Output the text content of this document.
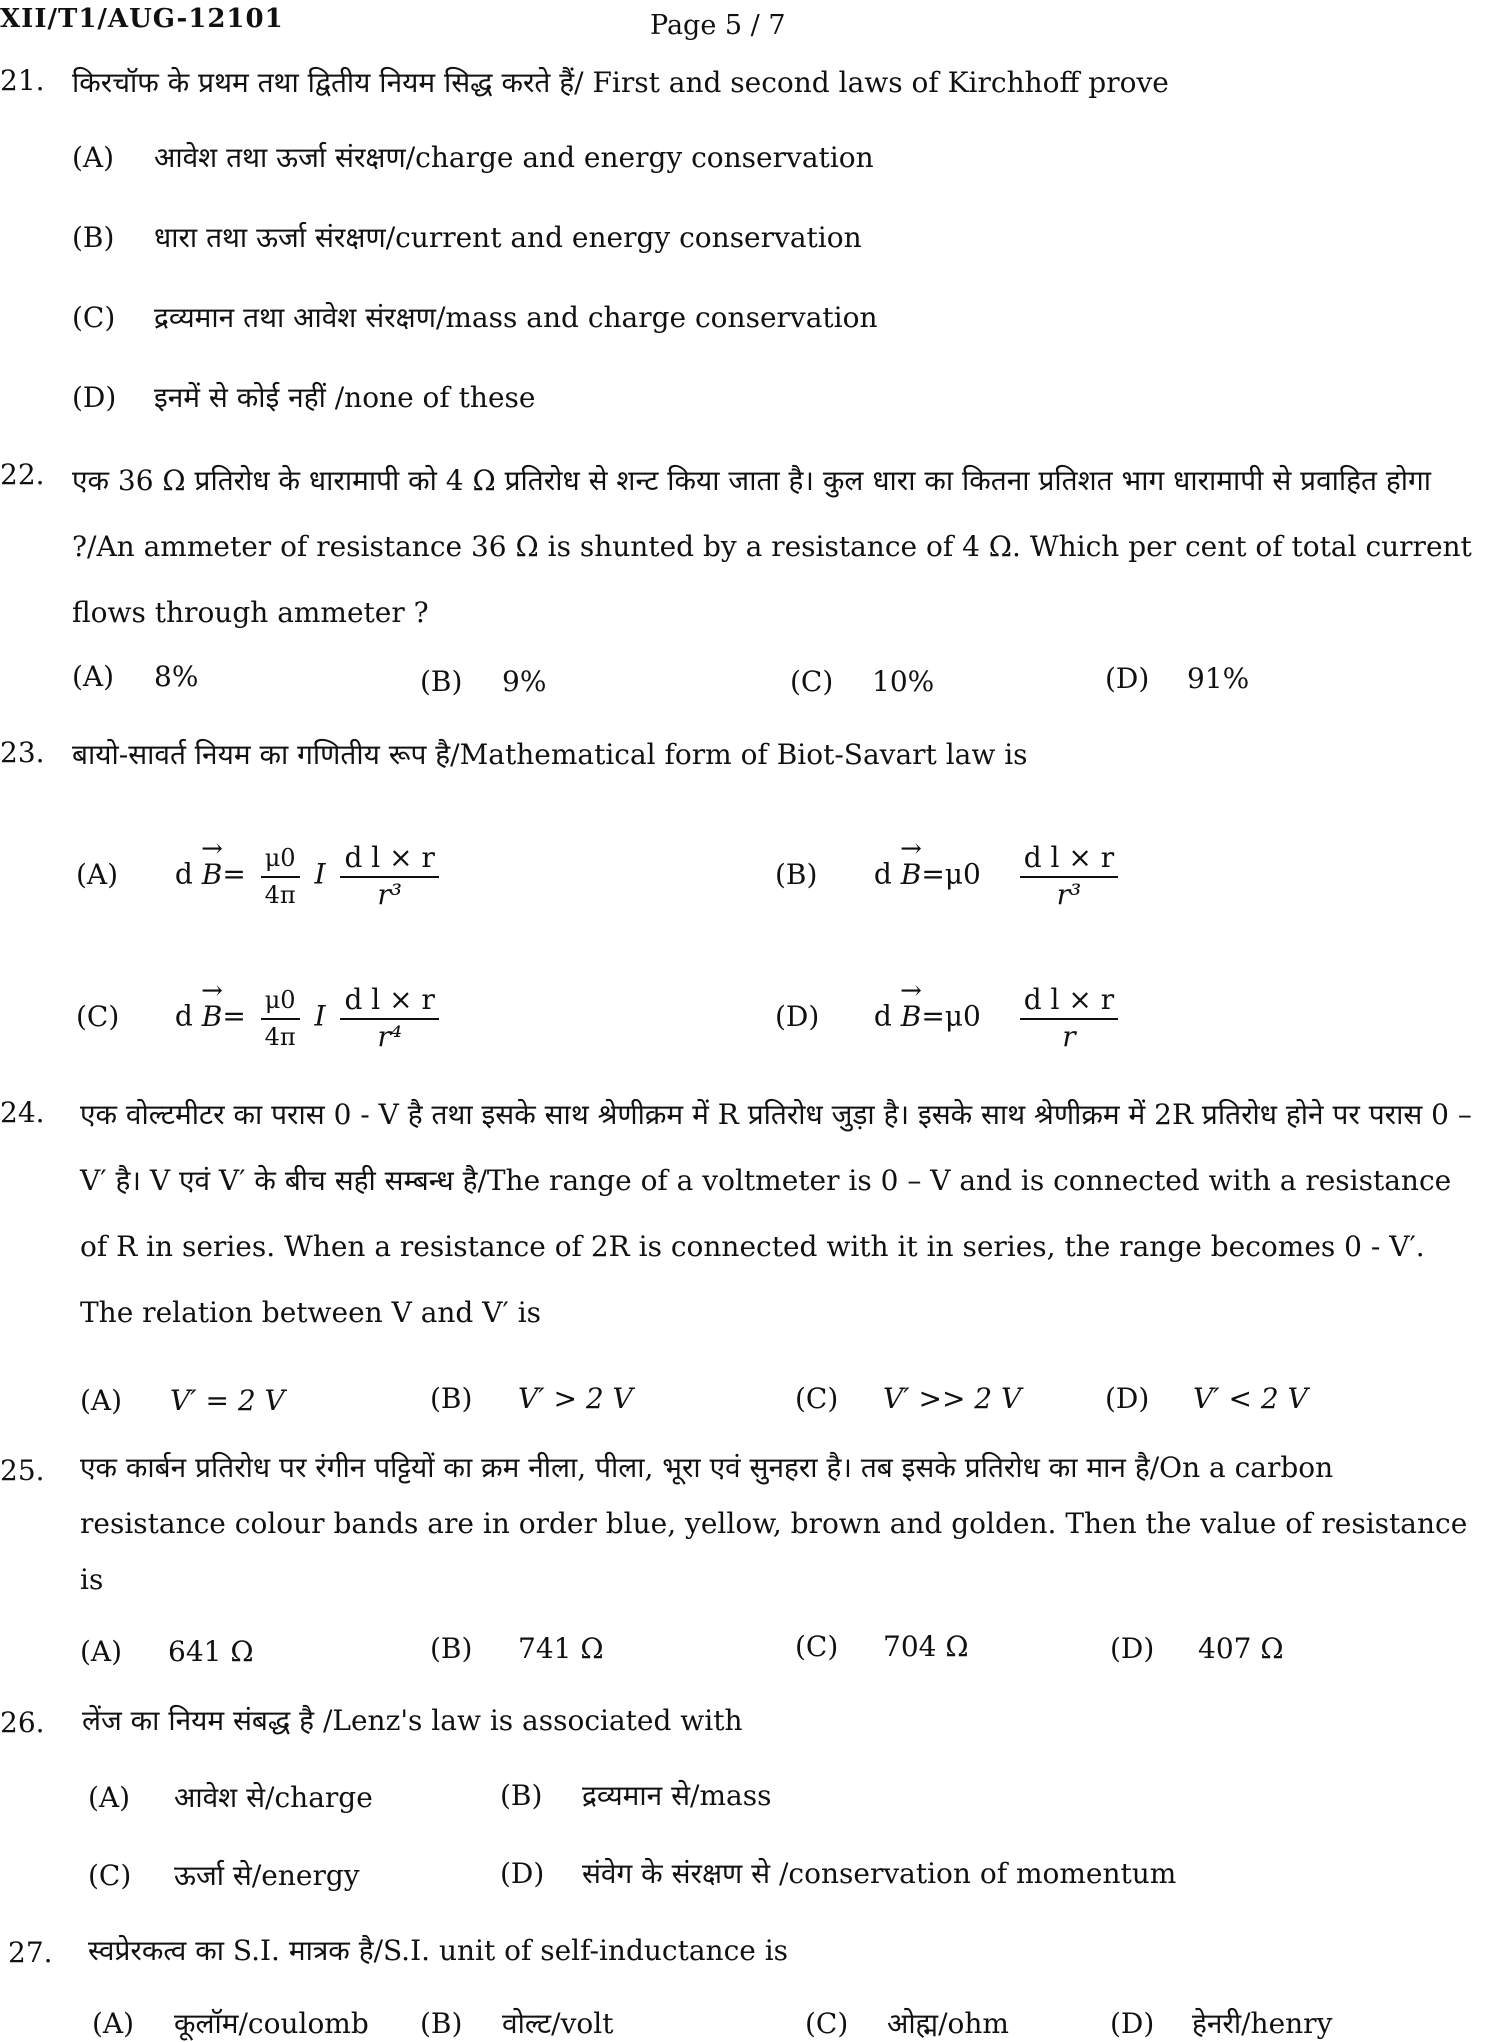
XII/T1/AUG-12101	Page 5 / 7
21. किरचॉफ के प्रथम तथा द्वितीय नियम सिद्ध करते हैं/ First and second laws of Kirchhoff prove
(A) आवेश तथा ऊर्जा संरक्षण/charge and energy conservation
(B) धारा तथा ऊर्जा संरक्षण/current and energy conservation
(C) द्रव्यमान तथा आवेश संरक्षण/mass and charge conservation
(D) इनमें से कोई नहीं /none of these
22. एक 36 Ω प्रतिरोध के धारामापी को 4 Ω प्रतिरोध से शन्ट किया जाता है। कुल धारा का कितना प्रतिशत भाग धारामापी से प्रवाहित होगा ?/An ammeter of resistance 36 Ω is shunted by a resistance of 4 Ω. Which per cent of total current flows through ammeter ?
(A) 8%	(B) 9%	(C) 10%	(D) 91%
23. बायो-सावर्त नियम का गणितीय रूप है/Mathematical form of Biot-Savart law is
(A) $d \to B= \frac{\mu 0}{4\pi}$ I $\frac{\text{d l × r}}{\text{r³}}$	(B) $d \to B=\mu 0 \frac{\text{d l × r}}{\text{r³}}$
(C) $d \to B= \frac{\mu 0}{4\pi}$ I $\frac{\text{d l × r}}{\text{r⁴}}$	(D) $d \to B=\mu 0 \frac{\text{d l × r}}{r}$
24. एक वोल्टमीटर का परास 0 - V है तथा इसके साथ श्रेणीक्रम में R प्रतिरोध जुड़ा है। इसके साथ श्रेणीक्रम में 2R प्रतिरोध होने पर परास 0 – V′ है। V एवं V′ के बीच सही सम्बन्ध है/The range of a voltmeter is 0 – V and is connected with a resistance of R in series. When a resistance of 2R is connected with it in series, the range becomes 0 - V′. The relation between V and V′ is
(A) V′ = 2 V	(B) V′ > 2 V	(C) V′ >> 2 V	(D) V′ < 2 V
25. एक कार्बन प्रतिरोध पर रंगीन पट्टियों का क्रम नीला, पीला, भूरा एवं सुनहरा है। तब इसके प्रतिरोध का मान है/On a carbon resistance colour bands are in order blue, yellow, brown and golden. Then the value of resistance is
(A) 641 Ω	(B) 741 Ω	(C) 704 Ω	(D) 407 Ω
26. लेंज का नियम संबद्ध है /Lenz's law is associated with
(A) आवेश से/charge	(B) द्रव्यमान से/mass
(C) ऊर्जा से/energy	(D) संवेग के संरक्षण से /conservation of momentum
27. स्वप्रेरकत्व का S.I. मात्रक है/S.I. unit of self-inductance is
(A) कूलॉम/coulomb (B) वोल्ट/volt	(C) ओह्म/ohm	(D) हेनरी/henry
